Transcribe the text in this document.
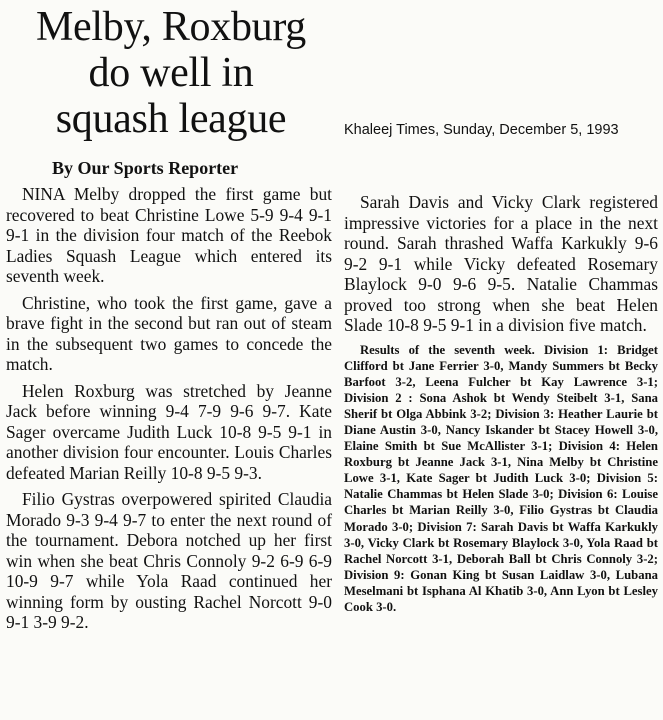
Melby, Roxburg
do well in
squash league	Khaleej Times, Sunday, December 5, 1993
By Our Sports Reporter

NINA Melby dropped the first game but recovered to beat Christine Lowe 5-9 9-4 9-1 9-1 in the division four match of the Reebok Ladies Squash League which entered its seventh week.

Christine, who took the first game, gave a brave fight in the second but ran out of steam in the subsequent two games to concede the match.

Helen Roxburg was stretched by Jeanne Jack before winning 9-4 7-9 9-6 9-7. Kate Sager overcame Judith Luck 10-8 9-5 9-1 in another division four encounter. Louis Charles defeated Marian Reilly 10-8 9-5 9-3.

Filio Gystras overpowered spirited Claudia Morado 9-3 9-4 9-7 to enter the next round of the tournament. Debora notched up her first win when she beat Chris Connoly 9-2 6-9 6-9 10-9 9-7 while Yola Raad continued her winning form by ousting Rachel Norcott 9-0 9-1 3-9 9-2.

Sarah Davis and Vicky Clark registered impressive victories for a place in the next round. Sarah thrashed Waffa Karkukly 9-6 9-2 9-1 while Vicky defeated Rosemary Blaylock 9-0 9-6 9-5. Natalie Chammas proved too strong when she beat Helen Slade 10-8 9-5 9-1 in a division five match.

Results of the seventh week. Division 1: Bridget Clifford bt Jane Ferrier 3-0, Mandy Summers bt Becky Barfoot 3-2, Leena Fulcher bt Kay Lawrence 3-1; Division 2 : Sona Ashok bt Wendy Steibelt 3-1, Sana Sherif bt Olga Abbink 3-2; Division 3: Heather Laurie bt Diane Austin 3-0, Nancy Iskander bt Stacey Howell 3-0, Elaine Smith bt Sue McAllister 3-1; Division 4: Helen Roxburg bt Jeanne Jack 3-1, Nina Melby bt Christine Lowe 3-1, Kate Sager bt Judith Luck 3-0; Division 5: Natalie Chammas bt Helen Slade 3-0; Division 6: Louise Charles bt Marian Reilly 3-0, Filio Gystras bt Claudia Morado 3-0; Division 7: Sarah Davis bt Waffa Karkukly 3-0, Vicky Clark bt Rosemary Blaylock 3-0, Yola Raad bt Rachel Norcott 3-1, Deborah Ball bt Chris Connoly 3-2; Division 9: Gonan King bt Susan Laidlaw 3-0, Lubana Meselmani bt Isphana Al Khatib 3-0, Ann Lyon bt Lesley Cook 3-0.
